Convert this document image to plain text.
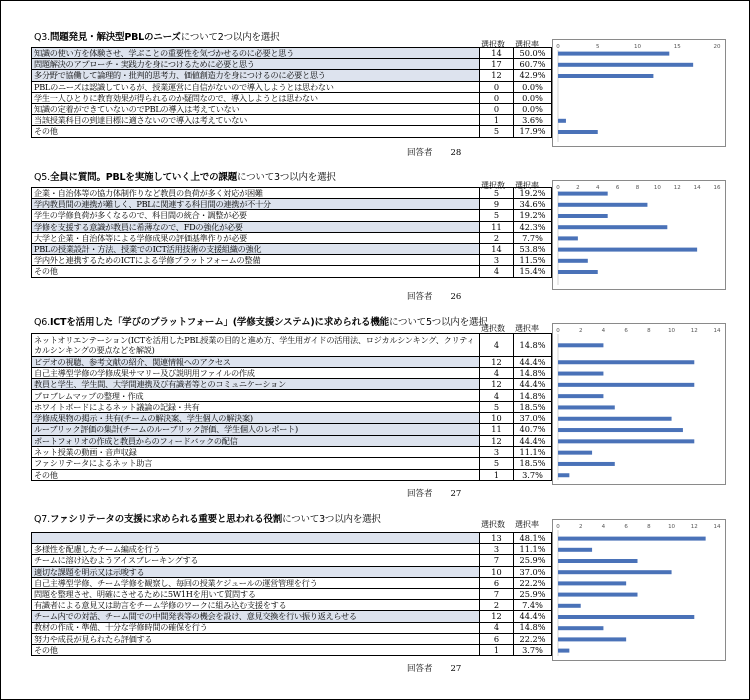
Q3.問題発見・解決型PBLのニーズについて2つ以内を選択
選択数 選択率
知識の使い方を体験させ、学ぶことの重要性を気づかせるのに必要と思う	14	50.0%
問題解決のアプローチ・実践力を身につけるために必要と思う	17	60.7%
多分野で協働して論理的・批判的思考力、価値創造力を身につけるのに必要と思う	12	42.9%
PBLのニーズは認識しているが、授業運営に自信がないので導入しようとは思わない	0	0.0%
学生一人ひとりに教育効果が得られるのか疑問なので、導入しようとは思わない	0	0.0%
知識の定着ができていないのでPBLの導入は考えていない	0	0.0%
当該授業科目の到達目標に適さないので導入は考えていない	1	3.6%
その他	5	17.9%
回答者 28
0	5	10	15	20
Q5.全員に質問。PBLを実施していく上での課題について3つ以内を選択
選択数 選択率
企業・自治体等の協力体制作りなど教員の負荷が多く対応が困難	5	19.2%
学内教員間の連携が難しく、PBLに関連する科目間の連携が不十分	9	34.6%
学生の学修負荷が多くなるので、科目間の統合・調整が必要	5	19.2%
学修を支援する意識が教員に希薄なので、FDの強化が必要	11	42.3%
大学と企業・自治体等による学修成果の評価基準作りが必要	2	7.7%
PBLの授業設計・方法、授業でのICT活用技術の支援組織の強化	14	53.8%
学内外と連携するためのICTによる学修プラットフォームの整備	3	11.5%
その他	4	15.4%
回答者 26
0	2	4	6	8	10 12 14 16
Q6.ICTを活用した「学びのプラットフォーム」(学修支援システム)に求められる機能について5つ以内を選択
選択数 選択率
ネットオリエンテーション(ICTを活用したPBL授業の目的と進め方、学生用ガイドの活用法、ロジカルシンキング、クリティカルシンキングの要点などを解説)	4	14.8%
ビデオの視聴、参考文献の紹介、関連情報へのアクセス	12	44.4%
自己主導型学修の学修成果サマリー及び説明用ファイルの作成	4	14.8%
教員と学生、学生間、大学間連携及び有識者等とのコミュニケーション	12	44.4%
プロブレムマップの整理・作成	4	14.8%
ホワイトボードによるネット議論の記録・共有	5	18.5%
学修成果物の掲示・共有(チームの解決案、学生個人の解決案)	10	37.0%
ルーブリック評価の集計(チームのルーブリック評価、学生個人のレポート)	11	40.7%
ポートフォリオの作成と教員からのフィードバックの配信	12	44.4%
ネット授業の動画・音声収録	3	11.1%
ファシリテータによるネット助言	5	18.5%
その他	1	3.7%
回答者 27
0	2	4	6	8	10	12	14
Q7.ファシリテータの支援に求められる重要と思われる役割について3つ以内を選択	選択数 選択率
	13	48.1%
多様性を配慮したチーム編成を行う	3	11.1%
チームに溶け込むようアイスブレーキングする	7	25.9%
適切な課題を明示又は示唆する	10	37.0%
自己主導型学修、チーム学修を観察し、毎回の授業ケジュールの運営管理を行う	6	22.2%
問題を整理させ、明確にさせるために5W1Hを用いて質問する	7	25.9%
有識者による意見又は助言をチーム学修のワークに組み込む支援をする	2	7.4%
チーム内での対話、チーム間での中間発表等の機会を設け、意見交換を行い振り返えらせる	12	44.4%
教材の作成・準備、十分な学修時間の確保を行う	4	14.8%
努力や成長が見られたら評価する	6	22.2%
その他	1	3.7%
回答者 27
0	2	4	6	8	10	12	14
